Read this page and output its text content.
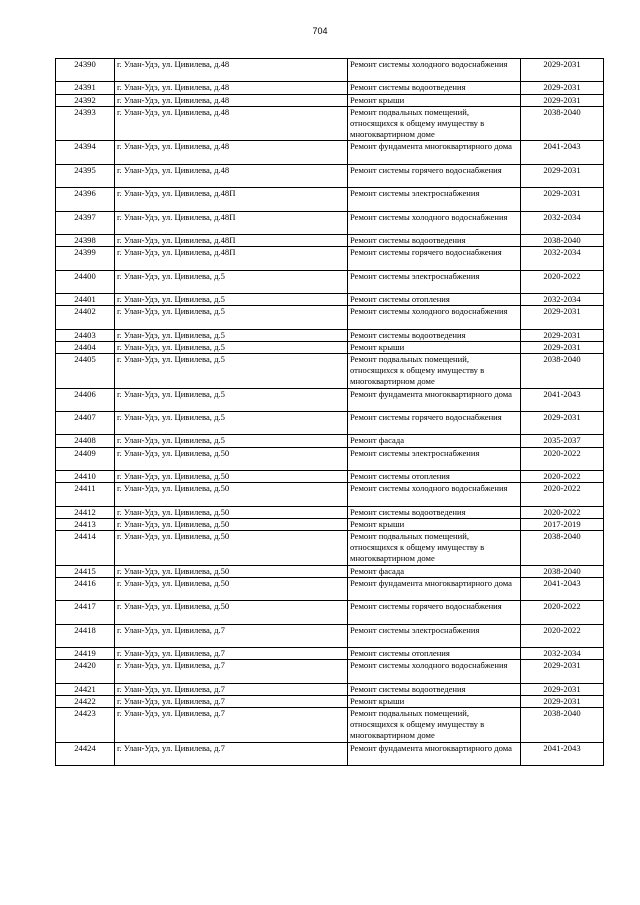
704
24390	г. Улан-Удэ, ул. Цивилева, д.48	Ремонт системы холодного водоснабжения	2029-2031
24391	г. Улан-Удэ, ул. Цивилева, д.48	Ремонт системы водоотведения	2029-2031
24392	г. Улан-Удэ, ул. Цивилева, д.48	Ремонт крыши	2029-2031
24393	г. Улан-Удэ, ул. Цивилева, д.48	Ремонт подвальных помещений, относящихся к общему имуществу в многоквартирном доме	2038-2040
24394	г. Улан-Удэ, ул. Цивилева, д.48	Ремонт фундамента многоквартирного дома	2041-2043
24395	г. Улан-Удэ, ул. Цивилева, д.48	Ремонт системы горячего водоснабжения	2029-2031
24396	г. Улан-Удэ, ул. Цивилева, д.48П	Ремонт системы электроснабжения	2029-2031
24397	г. Улан-Удэ, ул. Цивилева, д.48П	Ремонт системы холодного водоснабжения	2032-2034
24398	г. Улан-Удэ, ул. Цивилева, д.48П	Ремонт системы водоотведения	2038-2040
24399	г. Улан-Удэ, ул. Цивилева, д.48П	Ремонт системы горячего водоснабжения	2032-2034
24400	г. Улан-Удэ, ул. Цивилева, д.5	Ремонт системы электроснабжения	2020-2022
24401	г. Улан-Удэ, ул. Цивилева, д.5	Ремонт системы отопления	2032-2034
24402	г. Улан-Удэ, ул. Цивилева, д.5	Ремонт системы холодного водоснабжения	2029-2031
24403	г. Улан-Удэ, ул. Цивилева, д.5	Ремонт системы водоотведения	2029-2031
24404	г. Улан-Удэ, ул. Цивилева, д.5	Ремонт крыши	2029-2031
24405	г. Улан-Удэ, ул. Цивилева, д.5	Ремонт подвальных помещений, относящихся к общему имуществу в многоквартирном доме	2038-2040
24406	г. Улан-Удэ, ул. Цивилева, д.5	Ремонт фундамента многоквартирного дома	2041-2043
24407	г. Улан-Удэ, ул. Цивилева, д.5	Ремонт системы горячего водоснабжения	2029-2031
24408	г. Улан-Удэ, ул. Цивилева, д.5	Ремонт фасада	2035-2037
24409	г. Улан-Удэ, ул. Цивилева, д.50	Ремонт системы электроснабжения	2020-2022
24410	г. Улан-Удэ, ул. Цивилева, д.50	Ремонт системы отопления	2020-2022
24411	г. Улан-Удэ, ул. Цивилева, д.50	Ремонт системы холодного водоснабжения	2020-2022
24412	г. Улан-Удэ, ул. Цивилева, д.50	Ремонт системы водоотведения	2020-2022
24413	г. Улан-Удэ, ул. Цивилева, д.50	Ремонт крыши	2017-2019
24414	г. Улан-Удэ, ул. Цивилева, д.50	Ремонт подвальных помещений, относящихся к общему имуществу в многоквартирном доме	2038-2040
24415	г. Улан-Удэ, ул. Цивилева, д.50	Ремонт фасада	2038-2040
24416	г. Улан-Удэ, ул. Цивилева, д.50	Ремонт фундамента многоквартирного дома	2041-2043
24417	г. Улан-Удэ, ул. Цивилева, д.50	Ремонт системы горячего водоснабжения	2020-2022
24418	г. Улан-Удэ, ул. Цивилева, д.7	Ремонт системы электроснабжения	2020-2022
24419	г. Улан-Удэ, ул. Цивилева, д.7	Ремонт системы отопления	2032-2034
24420	г. Улан-Удэ, ул. Цивилева, д.7	Ремонт системы холодного водоснабжения	2029-2031
24421	г. Улан-Удэ, ул. Цивилева, д.7	Ремонт системы водоотведения	2029-2031
24422	г. Улан-Удэ, ул. Цивилева, д.7	Ремонт крыши	2029-2031
24423	г. Улан-Удэ, ул. Цивилева, д.7	Ремонт подвальных помещений, относящихся к общему имуществу в многоквартирном доме	2038-2040
24424	г. Улан-Удэ, ул. Цивилева, д.7	Ремонт фундамента многоквартирного дома	2041-2043
